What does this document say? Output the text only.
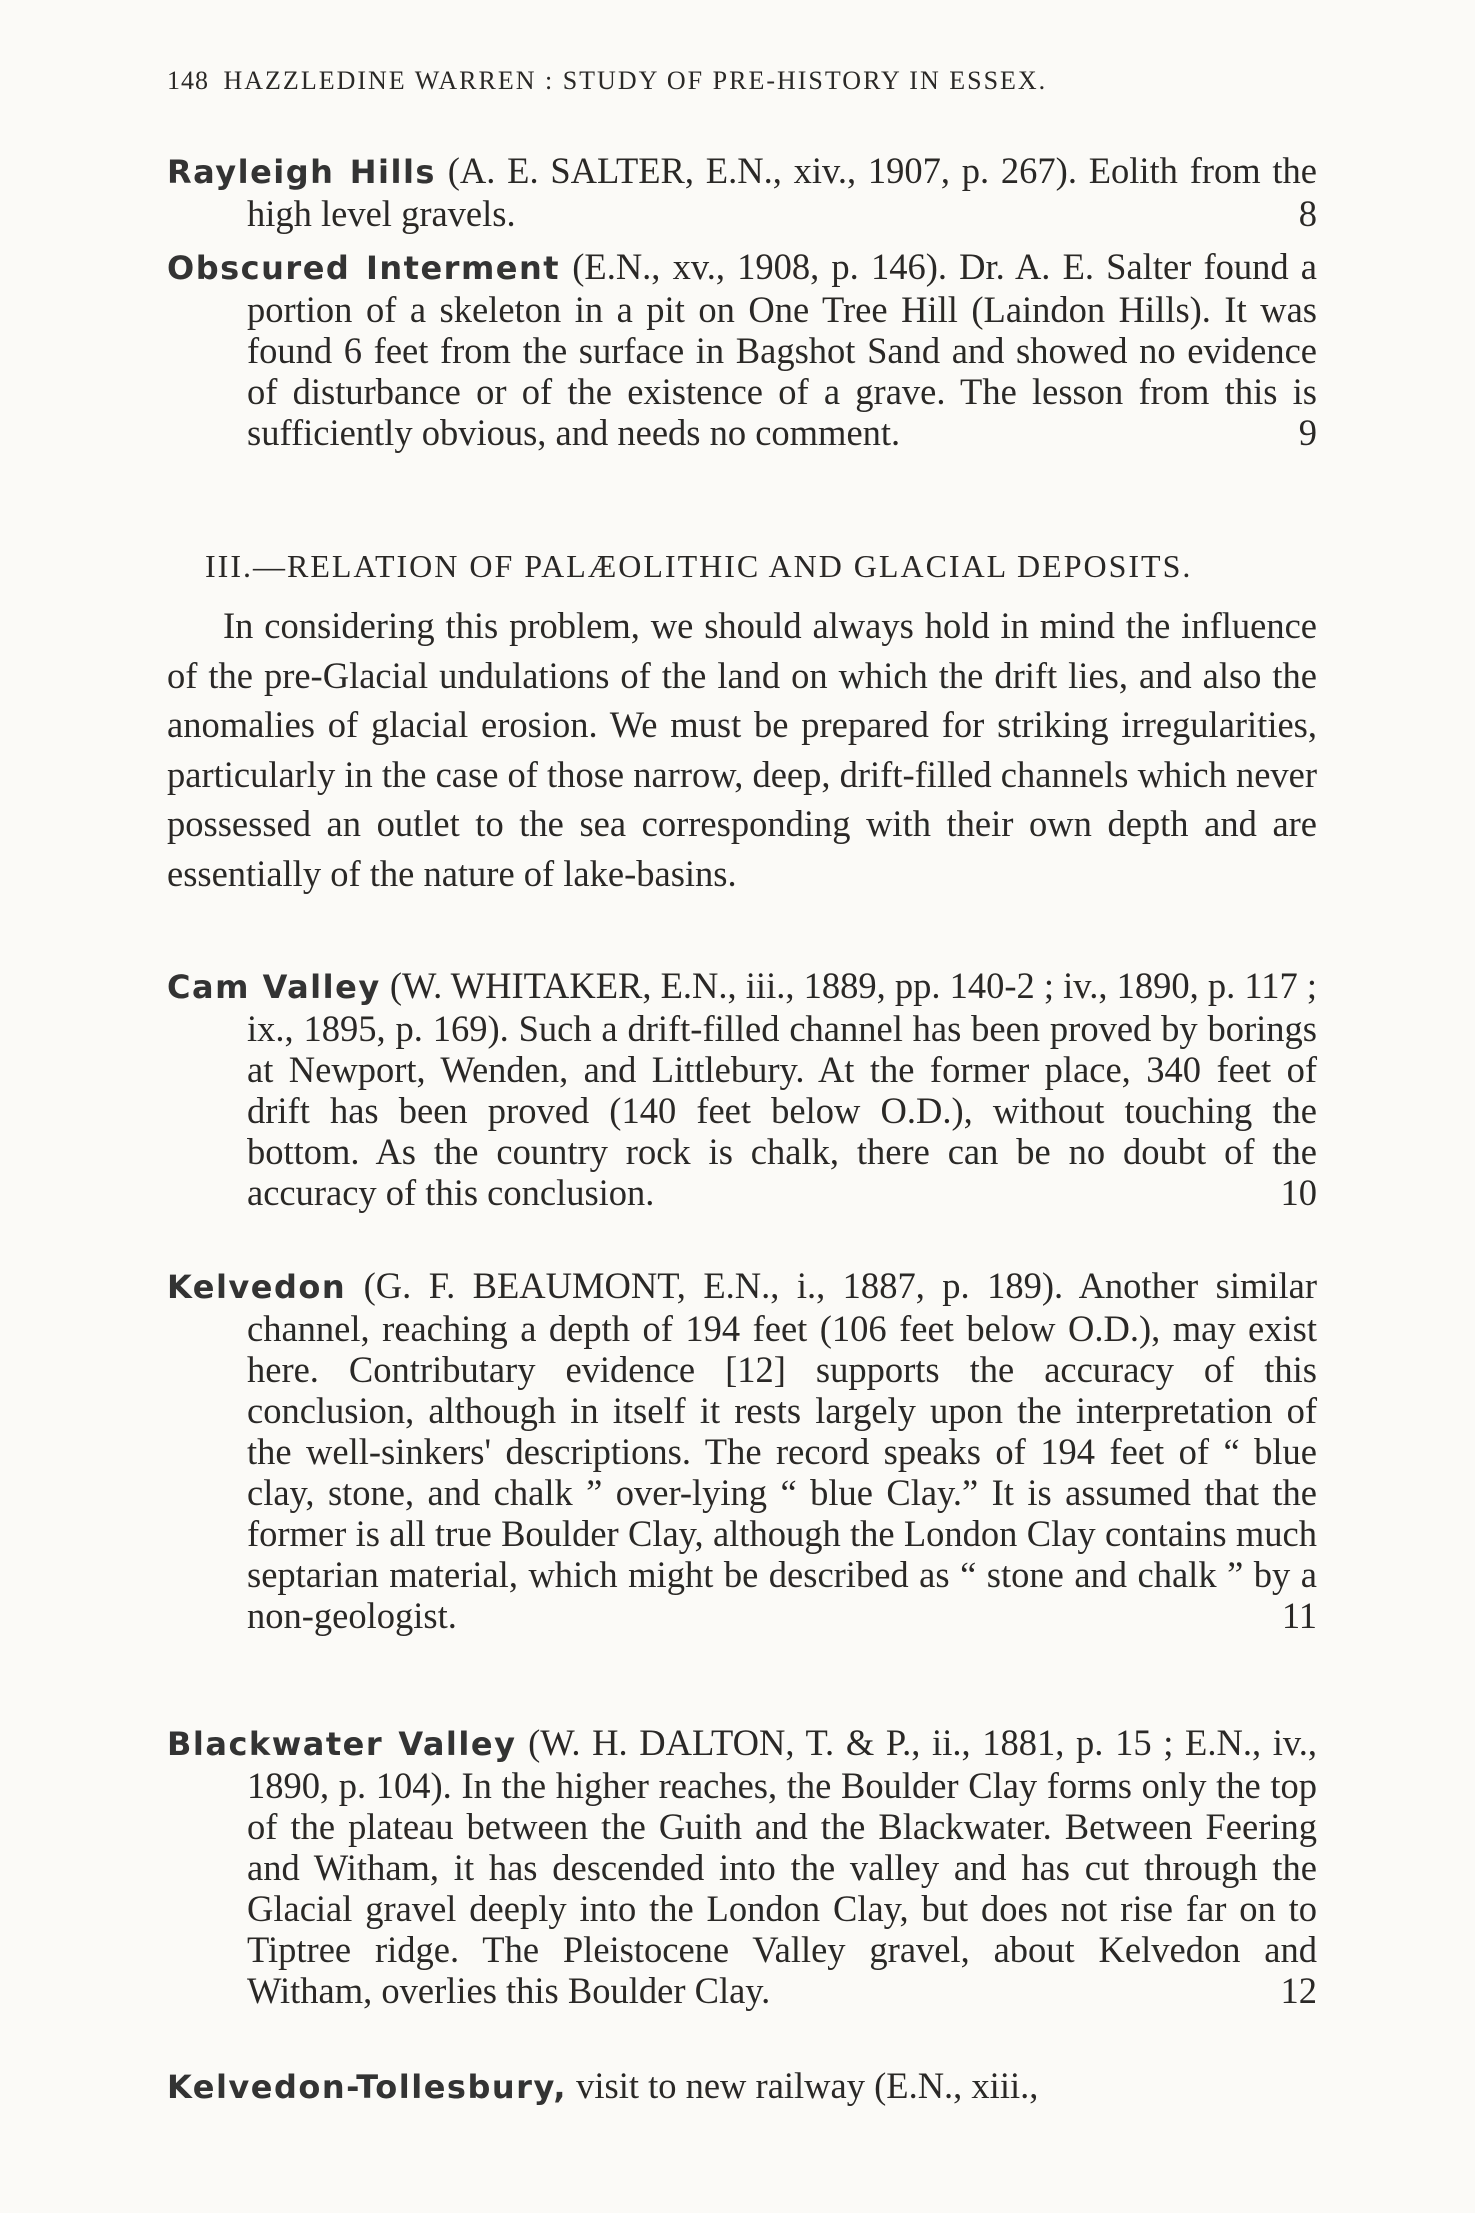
148 HAZZLEDINE WARREN : STUDY OF PRE-HISTORY IN ESSEX.
Rayleigh Hills (A. E. SALTER, E.N., xiv., 1907, p. 267). Eolith from the high level gravels.	8
Obscured Interment (E.N., xv., 1908, p. 146). Dr. A. E. Salter found a portion of a skeleton in a pit on One Tree Hill (Laindon Hills). It was found 6 feet from the surface in Bagshot Sand and showed no evidence of disturbance or of the existence of a grave. The lesson from this is sufficiently obvious, and needs no comment.	9
III.—RELATION OF PALÆOLITHIC AND GLACIAL DEPOSITS.
In considering this problem, we should always hold in mind the influence of the pre-Glacial undulations of the land on which the drift lies, and also the anomalies of glacial erosion. We must be prepared for striking irregularities, particularly in the case of those narrow, deep, drift-filled channels which never possessed an outlet to the sea corresponding with their own depth and are essentially of the nature of lake-basins.
Cam Valley (W. WHITAKER, E.N., iii., 1889, pp. 140-2 ; iv., 1890, p. 117 ; ix., 1895, p. 169). Such a drift-filled channel has been proved by borings at Newport, Wenden, and Littlebury. At the former place, 340 feet of drift has been proved (140 feet below O.D.), without touching the bottom. As the country rock is chalk, there can be no doubt of the accuracy of this conclusion.	10
Kelvedon (G. F. BEAUMONT, E.N., i., 1887, p. 189). Another similar channel, reaching a depth of 194 feet (106 feet below O.D.), may exist here. Contributary evidence [12] supports the accuracy of this conclusion, although in itself it rests largely upon the interpretation of the well-sinkers' descriptions. The record speaks of 194 feet of “ blue clay, stone, and chalk ” over-lying “ blue Clay.” It is assumed that the former is all true Boulder Clay, although the London Clay contains much septarian material, which might be described as “ stone and chalk ” by a non-geologist.	11
Blackwater Valley (W. H. DALTON, T. & P., ii., 1881, p. 15 ; E.N., iv., 1890, p. 104). In the higher reaches, the Boulder Clay forms only the top of the plateau between the Guith and the Blackwater. Between Feering and Witham, it has descended into the valley and has cut through the Glacial gravel deeply into the London Clay, but does not rise far on to Tiptree ridge. The Pleistocene Valley gravel, about Kelvedon and Witham, overlies this Boulder Clay.	12
Kelvedon-Tollesbury, visit to new railway (E.N., xiii.,
